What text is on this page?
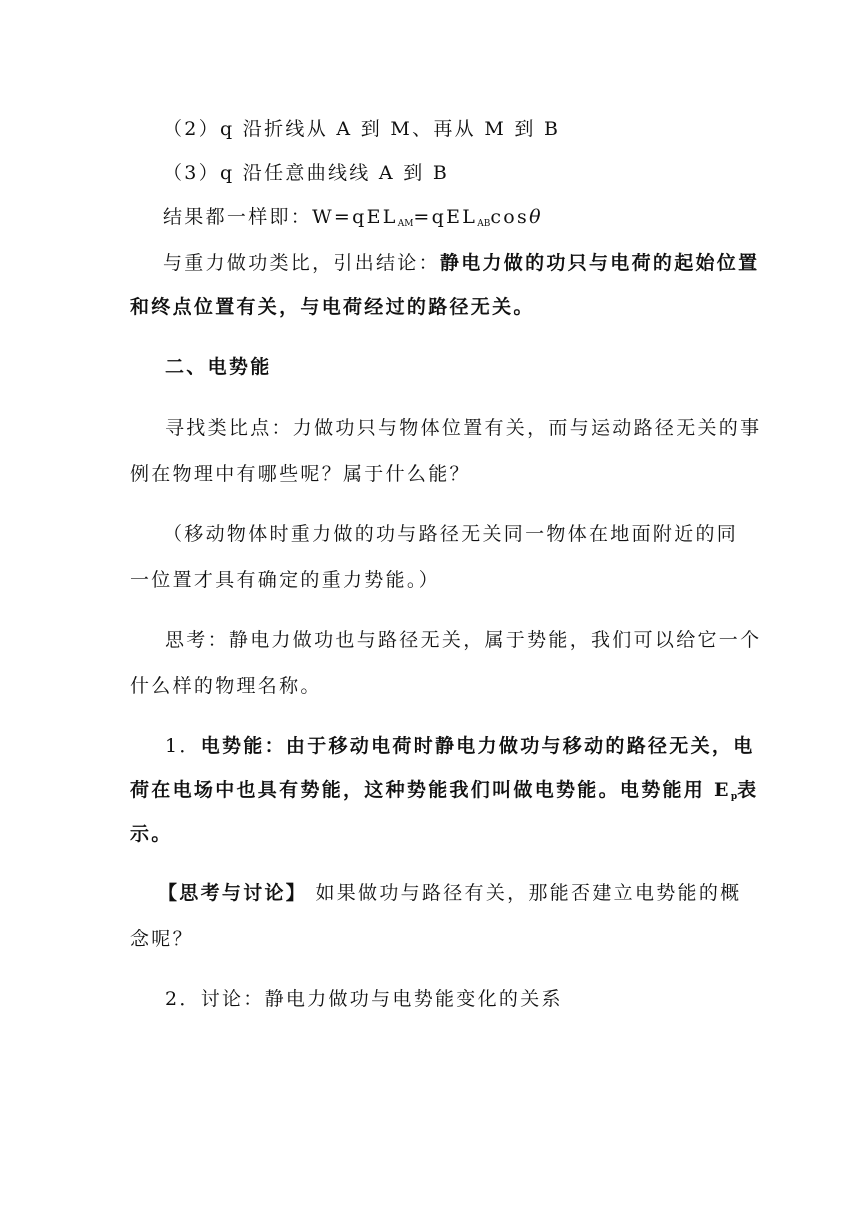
（2）q 沿折线从 A 到 M、再从 M 到 B
（3）q 沿任意曲线线 A 到 B
结果都一样即：W=qEL$_{AM}$=qEL$_{AB}$cosθ
与重力做功类比，引出结论：静电力做的功只与电荷的起始位置
和终点位置有关，与电荷经过的路径无关。
二、电势能
寻找类比点：力做功只与物体位置有关，而与运动路径无关的事
例在物理中有哪些呢？属于什么能？
（移动物体时重力做的功与路径无关同一物体在地面附近的同
一位置才具有确定的重力势能。）
思考：静电力做功也与路径无关，属于势能，我们可以给它一个
什么样的物理名称。
1．电势能：由于移动电荷时静电力做功与移动的路径无关，电
荷在电场中也具有势能，这种势能我们叫做电势能。电势能用 $E_p$表
示。
【思考与讨论】 如果做功与路径有关，那能否建立电势能的概
念呢？
2．讨论：静电力做功与电势能变化的关系
